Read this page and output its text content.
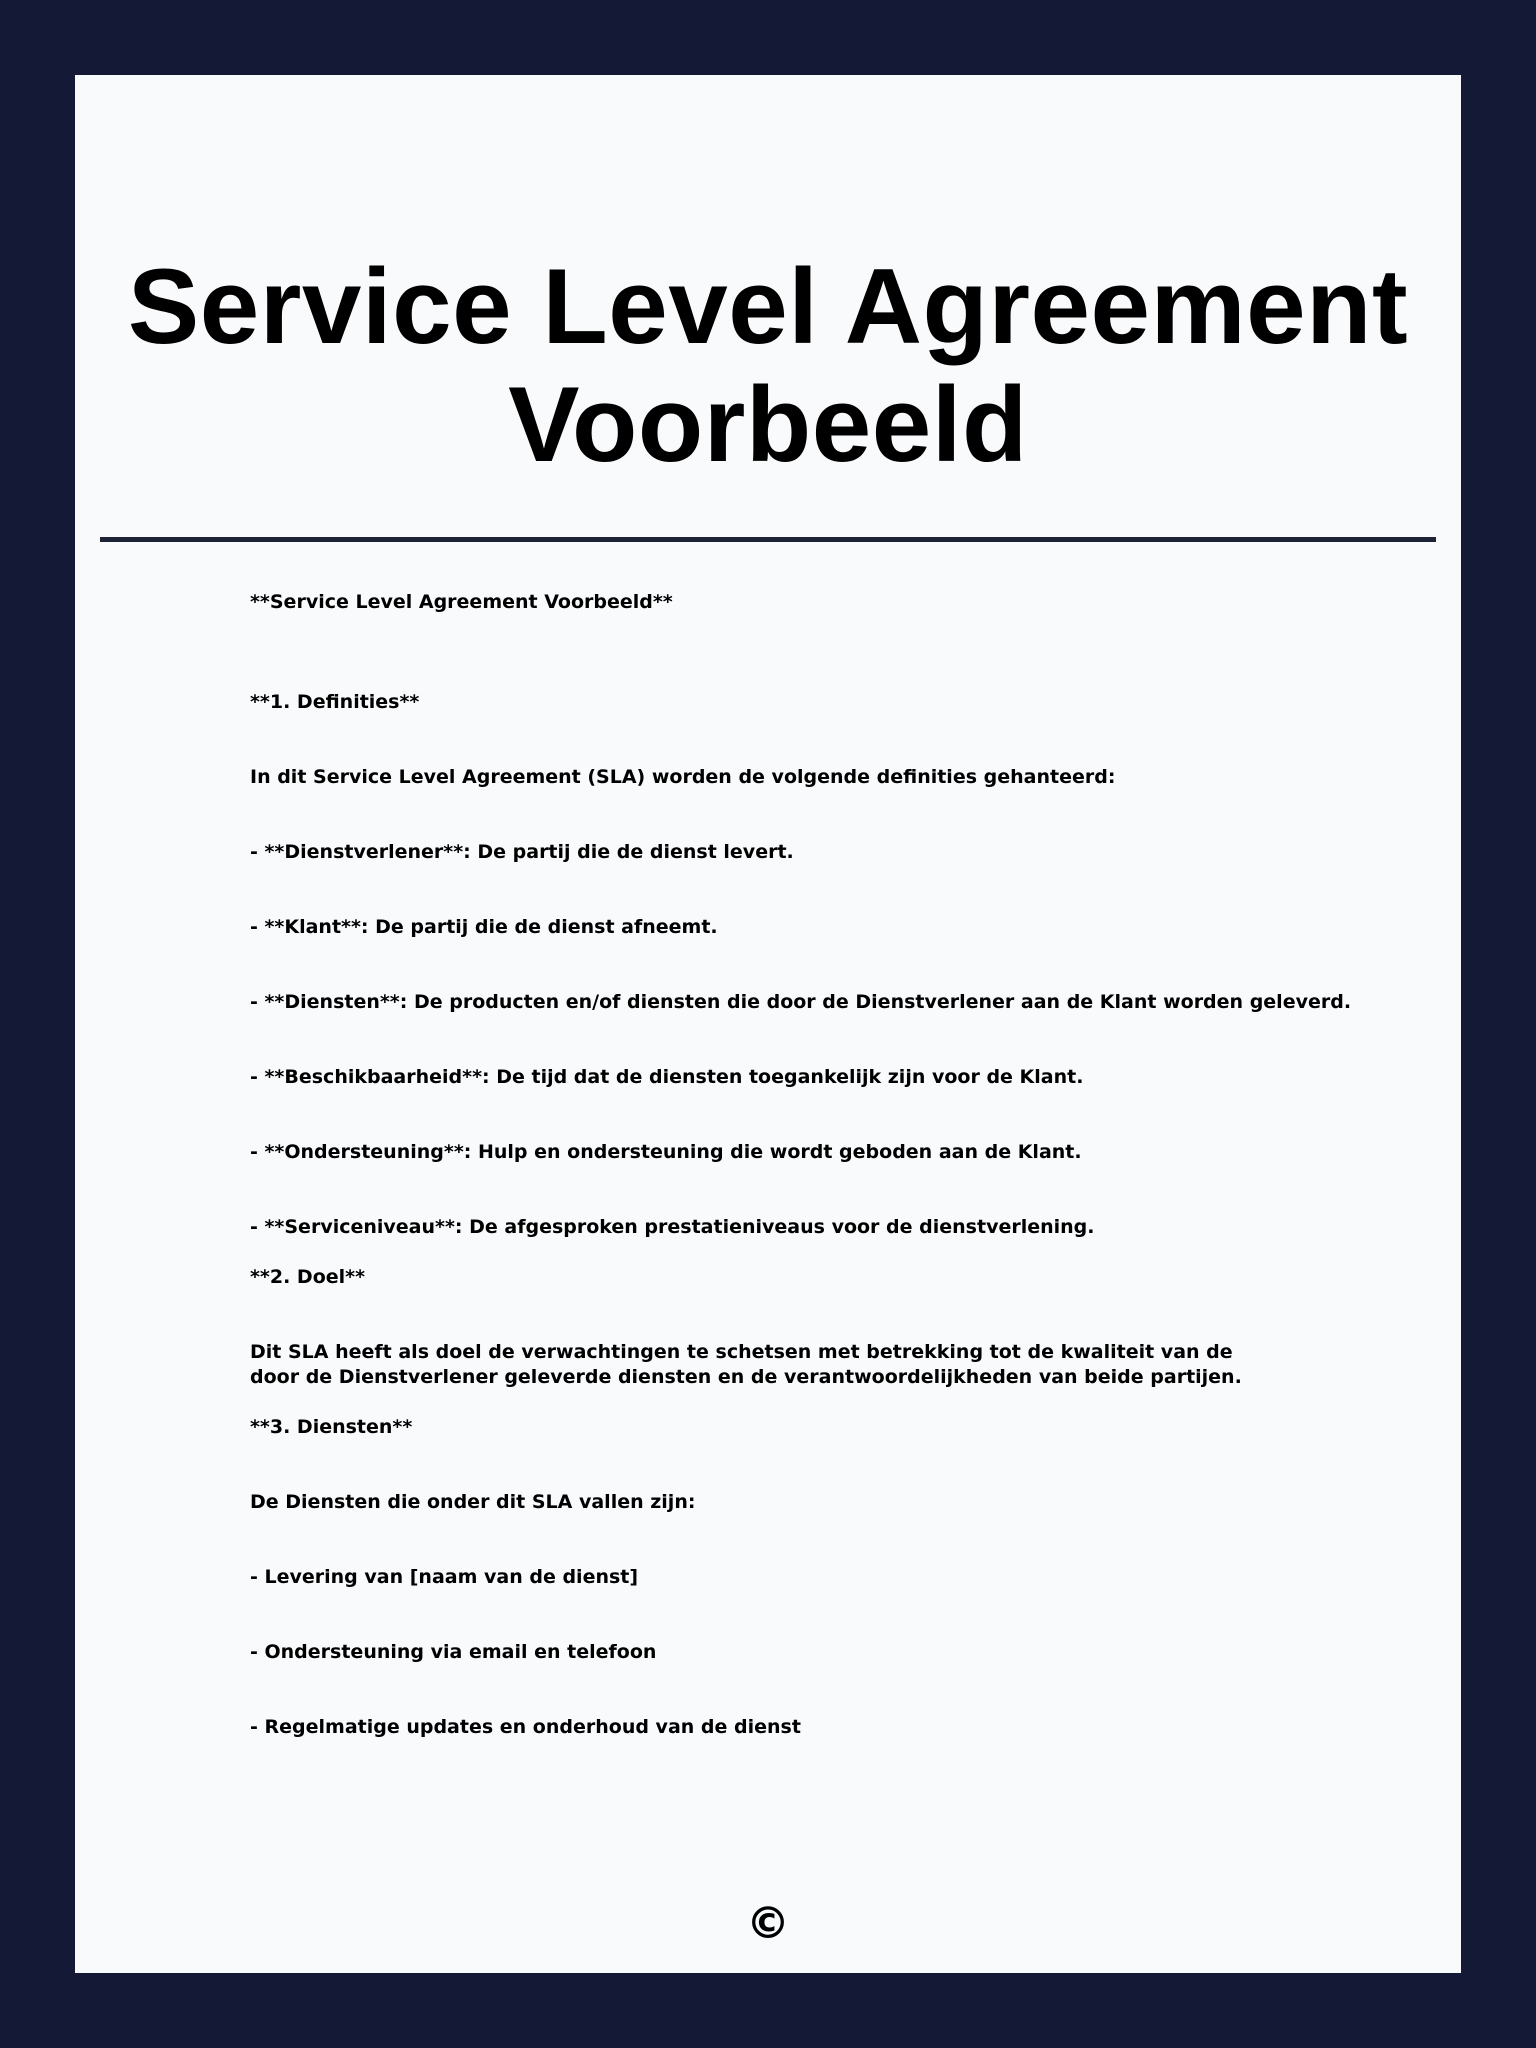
Service Level Agreement
Voorbeeld

**Service Level Agreement Voorbeeld**

**1. Definities**

In dit Service Level Agreement (SLA) worden de volgende definities gehanteerd:

- **Dienstverlener**: De partij die de dienst levert.

- **Klant**: De partij die de dienst afneemt.

- **Diensten**: De producten en/of diensten die door de Dienstverlener aan de Klant worden geleverd.

- **Beschikbaarheid**: De tijd dat de diensten toegankelijk zijn voor de Klant.

- **Ondersteuning**: Hulp en ondersteuning die wordt geboden aan de Klant.

- **Serviceniveau**: De afgesproken prestatieniveaus voor de dienstverlening.

**2. Doel**

Dit SLA heeft als doel de verwachtingen te schetsen met betrekking tot de kwaliteit van de door de Dienstverlener geleverde diensten en de verantwoordelijkheden van beide partijen.

**3. Diensten**

De Diensten die onder dit SLA vallen zijn:

- Levering van [naam van de dienst]

- Ondersteuning via email en telefoon

- Regelmatige updates en onderhoud van de dienst

©
